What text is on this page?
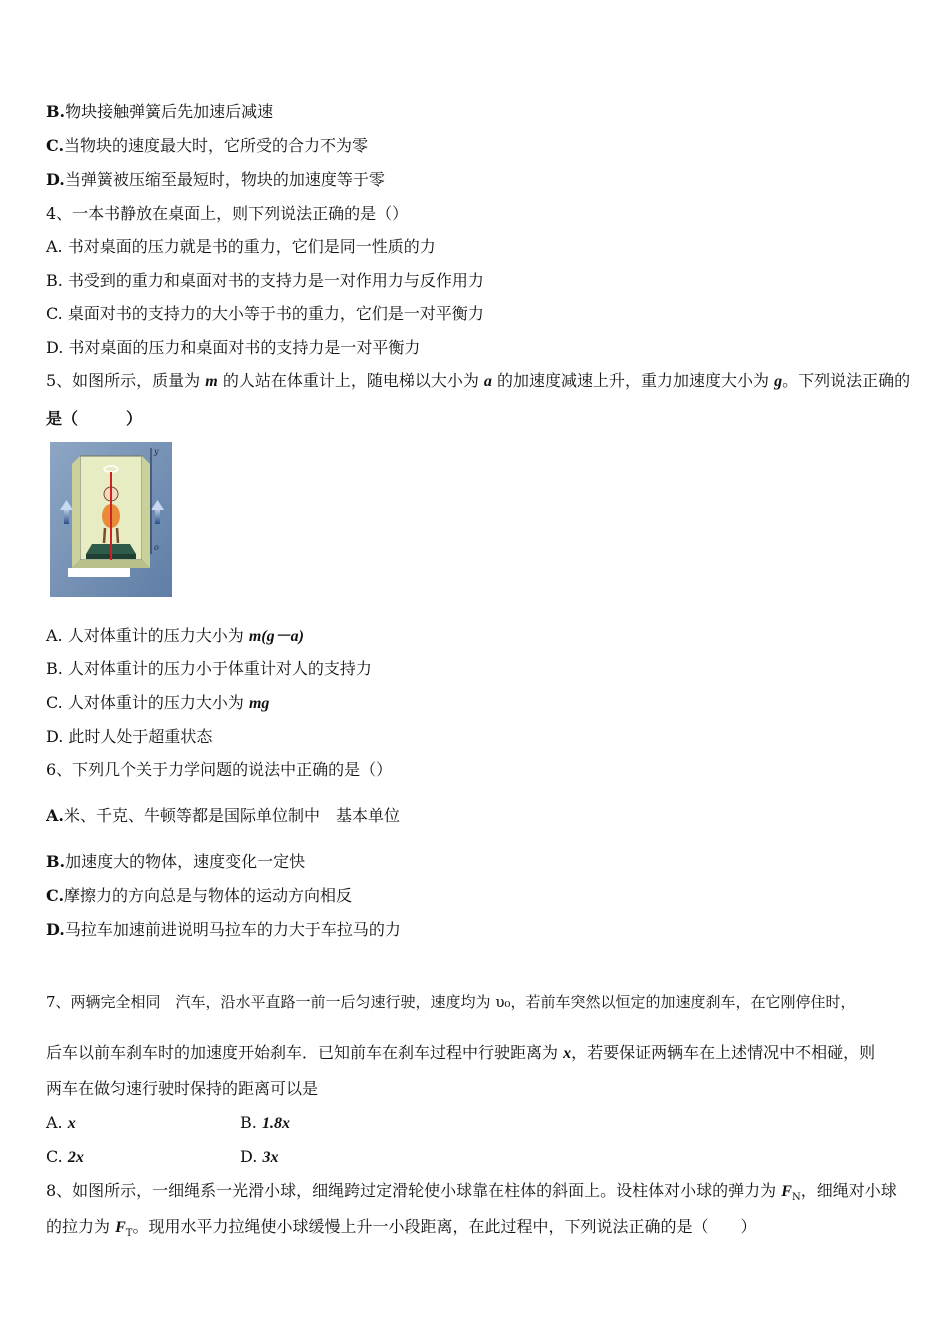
B.物块接触弹簧后先加速后减速
C.当物块的速度最大时，它所受的合力不为零
D.当弹簧被压缩至最短时，物块的加速度等于零
4、一本书静放在桌面上，则下列说法正确的是（）
A. 书对桌面的压力就是书的重力，它们是同一性质的力
B. 书受到的重力和桌面对书的支持力是一对作用力与反作用力
C. 桌面对书的支持力的大小等于书的重力，它们是一对平衡力
D. 书对桌面的压力和桌面对书的支持力是一对平衡力
5、如图所示，质量为 m 的人站在体重计上，随电梯以大小为 a 的加速度减速上升，重力加速度大小为 g。下列说法正确的
是（　　　）
y
o
A. 人对体重计的压力大小为 m(g－a)
B. 人对体重计的压力小于体重计对人的支持力
C. 人对体重计的压力大小为 mg
D. 此时人处于超重状态
6、下列几个关于力学问题的说法中正确的是（）
A.米、千克、牛顿等都是国际单位制中　基本单位
B.加速度大的物体，速度变化一定快
C.摩擦力的方向总是与物体的运动方向相反
D.马拉车加速前进说明马拉车的力大于车拉马的力
7、两辆完全相同　汽车，沿水平直路一前一后匀速行驶，速度均为 υ₀，若前车突然以恒定的加速度刹车，在它刚停住时，
后车以前车刹车时的加速度开始刹车．已知前车在刹车过程中行驶距离为 x，若要保证两辆车在上述情况中不相碰，则
两车在做匀速行驶时保持的距离可以是
A. x	B. 1.8x
C. 2x	D. 3x
8、如图所示，一细绳系一光滑小球，细绳跨过定滑轮使小球靠在柱体的斜面上。设柱体对小球的弹力为 $F_N$，细绳对小球
的拉力为 $F_T$。现用水平力拉绳使小球缓慢上升一小段距离，在此过程中，下列说法正确的是（　　）
